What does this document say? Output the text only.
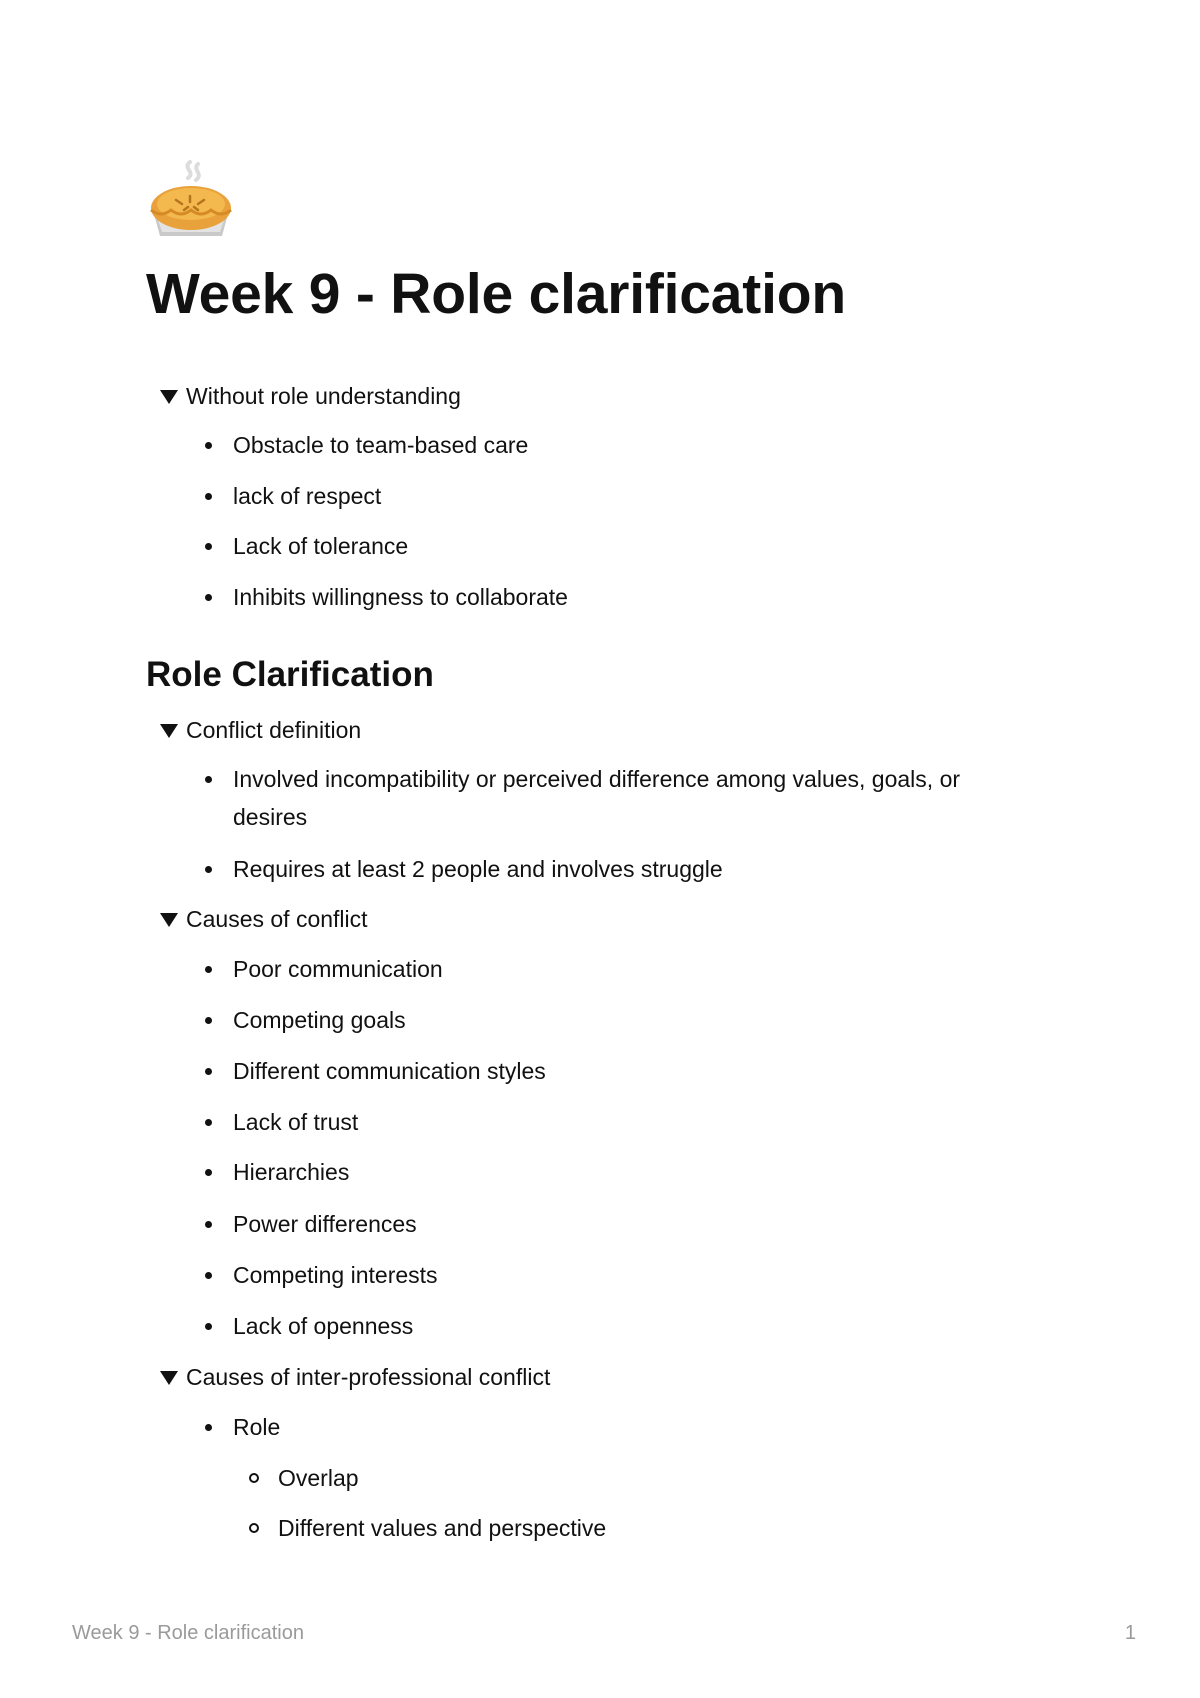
Week 9 - Role clarification
Without role understanding
Obstacle to team-based care
lack of respect
Lack of tolerance
Inhibits willingness to collaborate
Role Clarification
Conflict definition
Involved incompatibility or perceived difference among values, goals, or desires
Requires at least 2 people and involves struggle
Causes of conflict
Poor communication
Competing goals
Different communication styles
Lack of trust
Hierarchies
Power differences
Competing interests
Lack of openness
Causes of inter-professional conflict
Role
Overlap
Different values and perspective
Week 9 - Role clarification	1
